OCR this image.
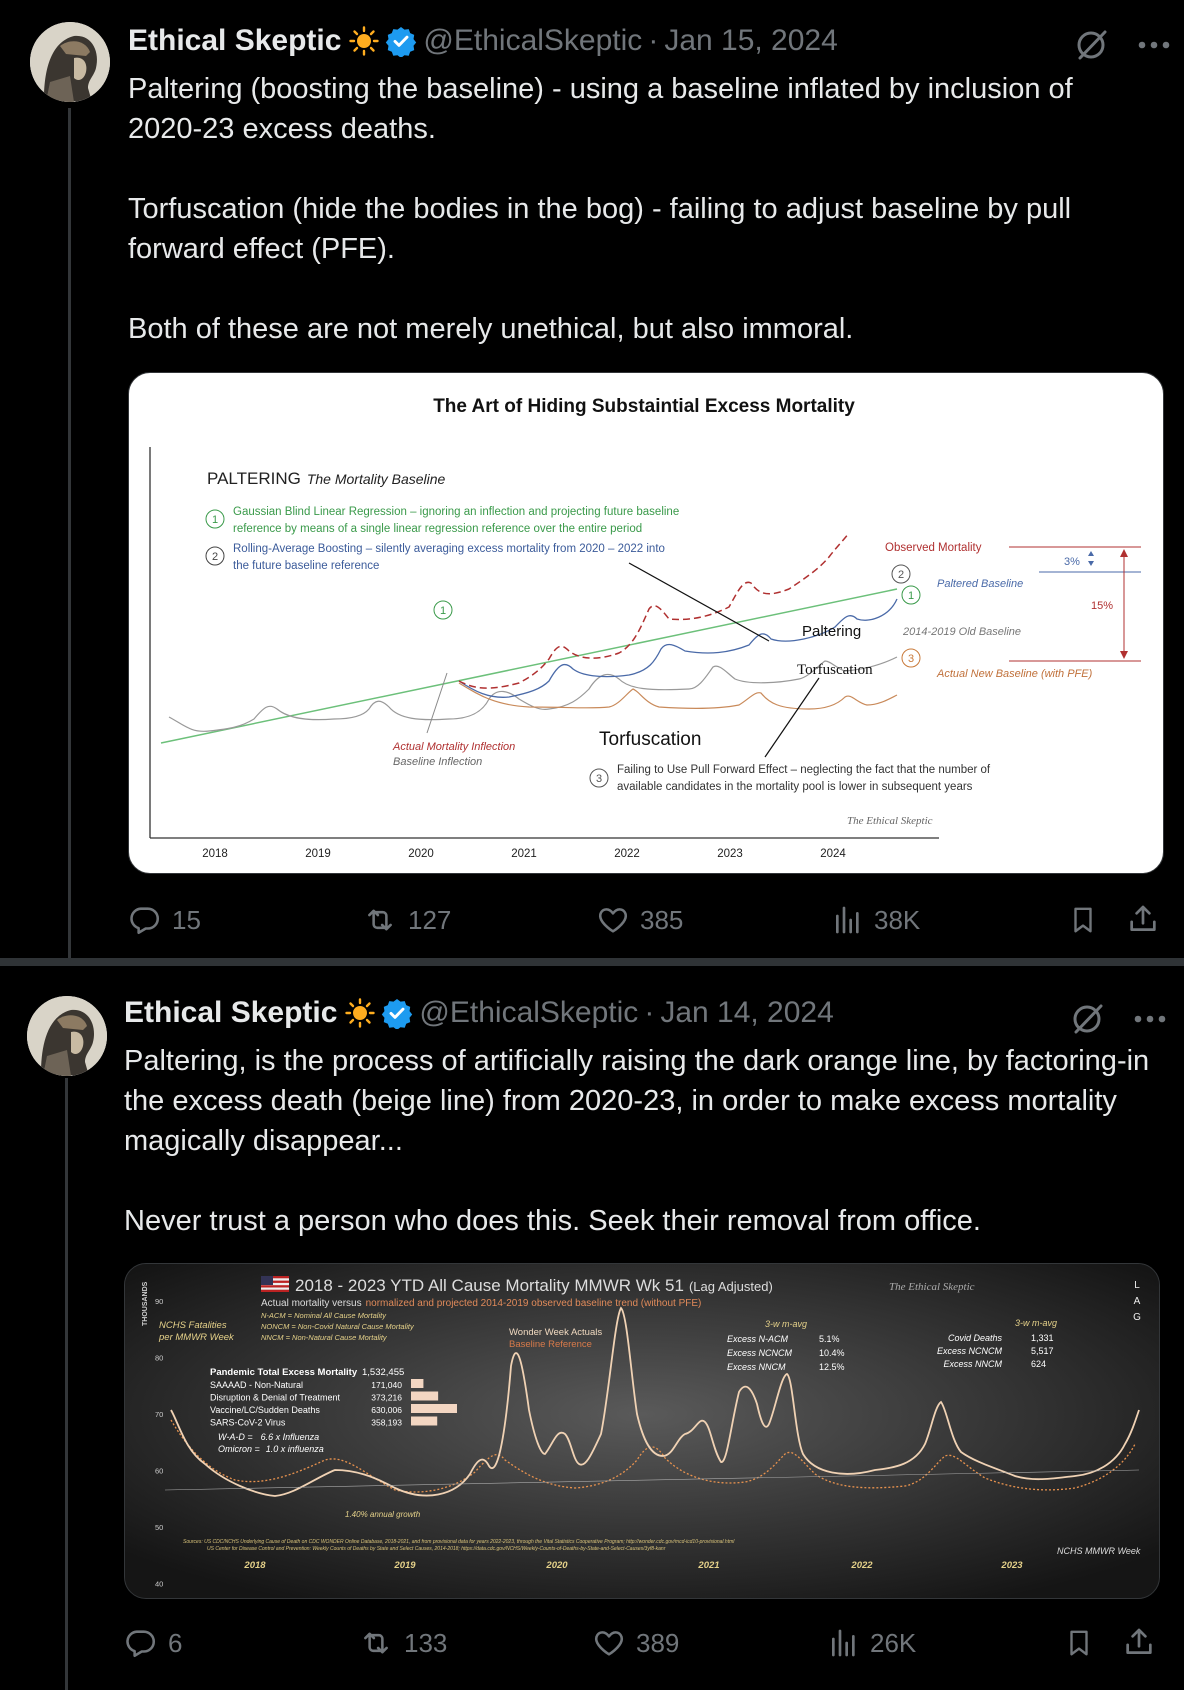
Ethical Skeptic	@EthicalSkeptic · Jan 15, 2024
Paltering (boosting the baseline) - using a baseline inflated by inclusion of 2020-23 excess deaths.

Torfuscation (hide the bodies in the bog) - failing to adjust baseline by pull forward effect (PFE).

Both of these are not merely unethical, but also immoral.
The Art of Hiding Substaintial Excess Mortality
PALTERING The Mortality Baseline
1
Gaussian Blind Linear Regression – ignoring an inflection and projecting future baseline
reference by means of a single linear regression reference over the entire period
2
Rolling-Average Boosting – silently averaging excess mortality from 2020 – 2022 into
the future baseline reference
1
2
1
3
Observed Mortality
Paltered Baseline
2014-2019 Old Baseline
Actual New Baseline (with PFE)
3%
15%
Paltering
Torfuscation
Torfuscation
Actual Mortality Inflection
Baseline Inflection
3
Failing to Use Pull Forward Effect – neglecting the fact that the number of
available candidates in the mortality pool is lower in subsequent years
The Ethical Skeptic
2018	2019	2020	2021	2022	2023	2024
15	127	385	38K
Ethical Skeptic	@EthicalSkeptic · Jan 14, 2024
Paltering, is the process of artificially raising the dark orange line, by factoring-in the excess death (beige line) from 2020-23, in order to make excess mortality magically disappear...

Never trust a person who does this. Seek their removal from office.
2018 - 2023 YTD All Cause Mortality MMWR Wk 51 (Lag Adjusted)
Actual mortality versus normalized and projected 2014-2019 observed baseline trend (without PFE)
N-ACM = Nominal All Cause Mortality
NONCM = Non-Covid Natural Cause Mortality
NNCM = Non-Natural Cause Mortality
THOUSANDS NCHS Fatalities
per MMWR Week
90
80
70
60
50
40
Pandemic Total Excess Mortality 1,532,455
SAAAAD - Non-Natural	171,040
Disruption & Denial of Treatment	373,216
Vaccine/LC/Sudden Deaths	630,006
SARS-CoV-2 Virus	358,193
W-A-D = 6.6 x Influenza
Omicron = 1.0 x influenza
Wonder Week Actuals
Baseline Reference
3-w m-avg
Excess N-ACM	5.1%
Excess NCNCM	10.4%
Excess NNCM	12.5%
3-w m-avg
Covid Deaths	1,331
Excess NCNCM	5,517
Excess NNCM	624
L
A
G
The Ethical Skeptic
1.40% annual growth
Sources: US CDC/NCHS Underlying Cause of Death on CDC WONDER Online Database, 2018-2021, and from provisional data for years 2022-2023, through the Vital Statistics Cooperative Program; http://wonder.cdc.gov/mcd-icd10-provisional.html
US Center for Disease Control and Prevention: Weekly Counts of Deaths by State and Select Causes, 2014-2018; https://data.cdc.gov/NCHS/Weekly-Counts-of-Deaths-by-State-and-Select-Causes/3yf8-kanr	NCHS MMWR Week
2018	2019	2020	2021	2022	2023
6	133	389	26K
